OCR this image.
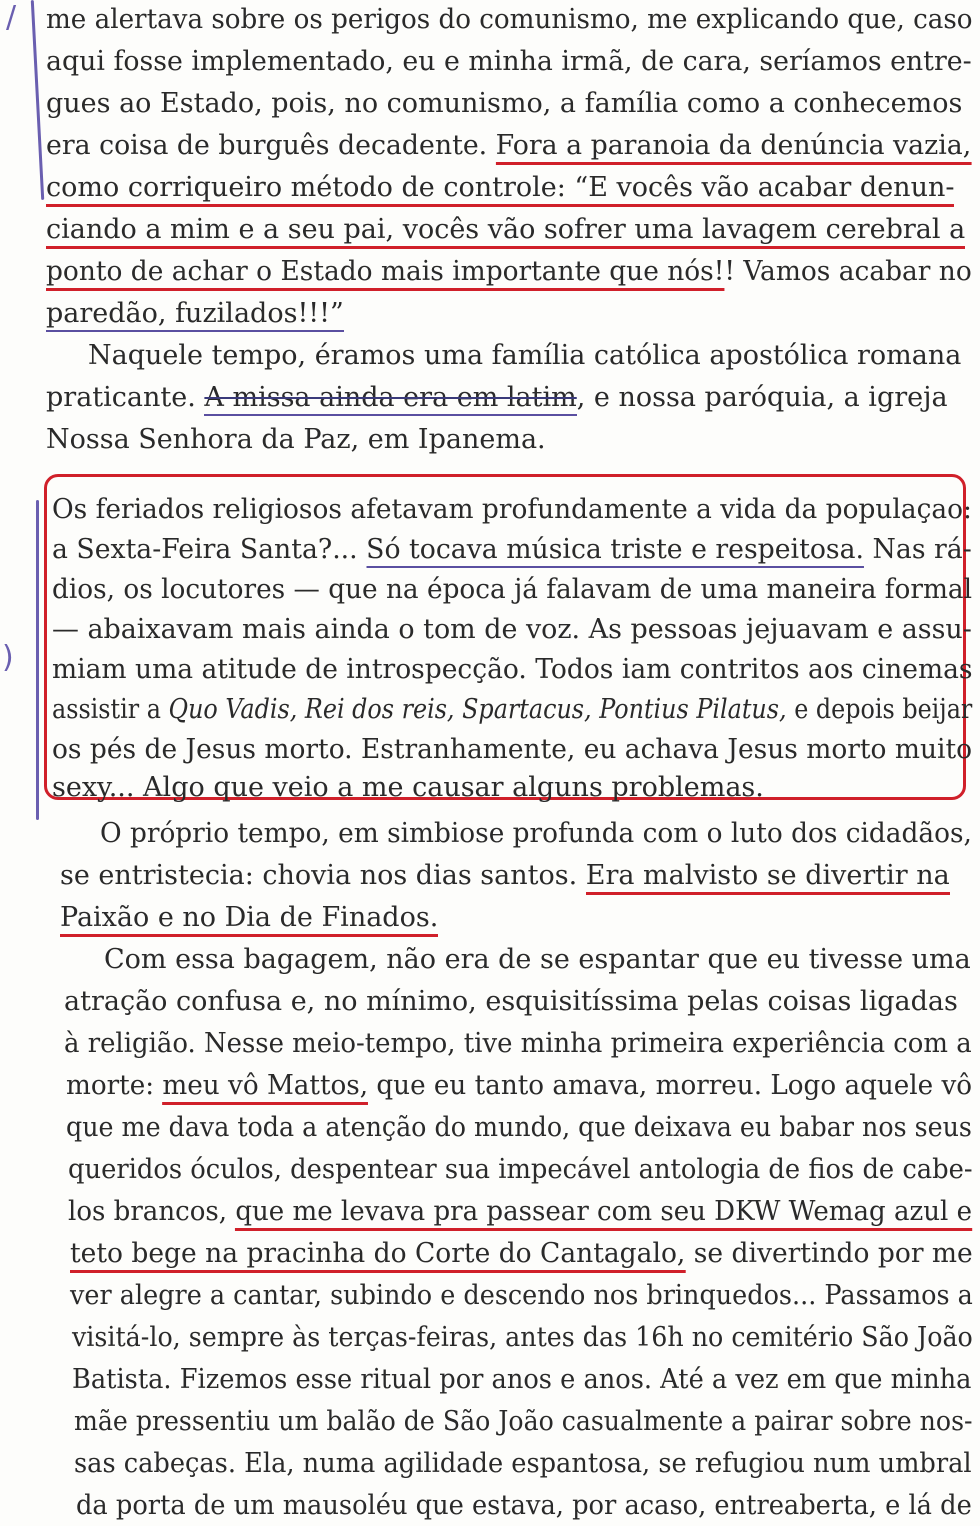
)
/ me alertava sobre os perigos do comunismo, me explicando que, caso
aqui fosse implementado, eu e minha irmã, de cara, seríamos entre-
gues ao Estado, pois, no comunismo, a família como a conhecemos
era coisa de burguês decadente. Fora a paranoia da denúncia vazia,
como corriqueiro método de controle: “E vocês vão acabar denun-
ciando a mim e a seu pai, vocês vão sofrer uma lavagem cerebral a
ponto de achar o Estado mais importante que nós!! Vamos acabar no
paredão, fuzilados!!!”
Naquele tempo, éramos uma família católica apostólica romana
praticante. A missa ainda era em latim, e nossa paróquia, a igreja
Nossa Senhora da Paz, em Ipanema.
Os feriados religiosos afetavam profundamente a vida da populaçao:
a Sexta-Feira Santa?... Só tocava música triste e respeitosa. Nas rá-
dios, os locutores — que na época já falavam de uma maneira formal
— abaixavam mais ainda o tom de voz. As pessoas jejuavam e assu-
miam uma atitude de introspecção. Todos iam contritos aos cinemas
assistir a Quo Vadis, Rei dos reis, Spartacus, Pontius Pilatus, e depois beijar
os pés de Jesus morto. Estranhamente, eu achava Jesus morto muito
sexy... Algo que veio a me causar alguns problemas.
O próprio tempo, em simbiose profunda com o luto dos cidadãos,
se entristecia: chovia nos dias santos. Era malvisto se divertir na
Paixão e no Dia de Finados.
Com essa bagagem, não era de se espantar que eu tivesse uma
atração confusa e, no mínimo, esquisitíssima pelas coisas ligadas
à religião. Nesse meio-tempo, tive minha primeira experiência com a
morte: meu vô Mattos, que eu tanto amava, morreu. Logo aquele vô
que me dava toda a atenção do mundo, que deixava eu babar nos seus
queridos óculos, despentear sua impecável antologia de fios de cabe-
los brancos, que me levava pra passear com seu DKW Wemag azul e
teto bege na pracinha do Corte do Cantagalo, se divertindo por me
ver alegre a cantar, subindo e descendo nos brinquedos... Passamos a
visitá-lo, sempre às terças-feiras, antes das 16h no cemitério São João
Batista. Fizemos esse ritual por anos e anos. Até a vez em que minha
mãe pressentiu um balão de São João casualmente a pairar sobre nos-
sas cabeças. Ela, numa agilidade espantosa, se refugiou num umbral
da porta de um mausoléu que estava, por acaso, entreaberta, e lá de
